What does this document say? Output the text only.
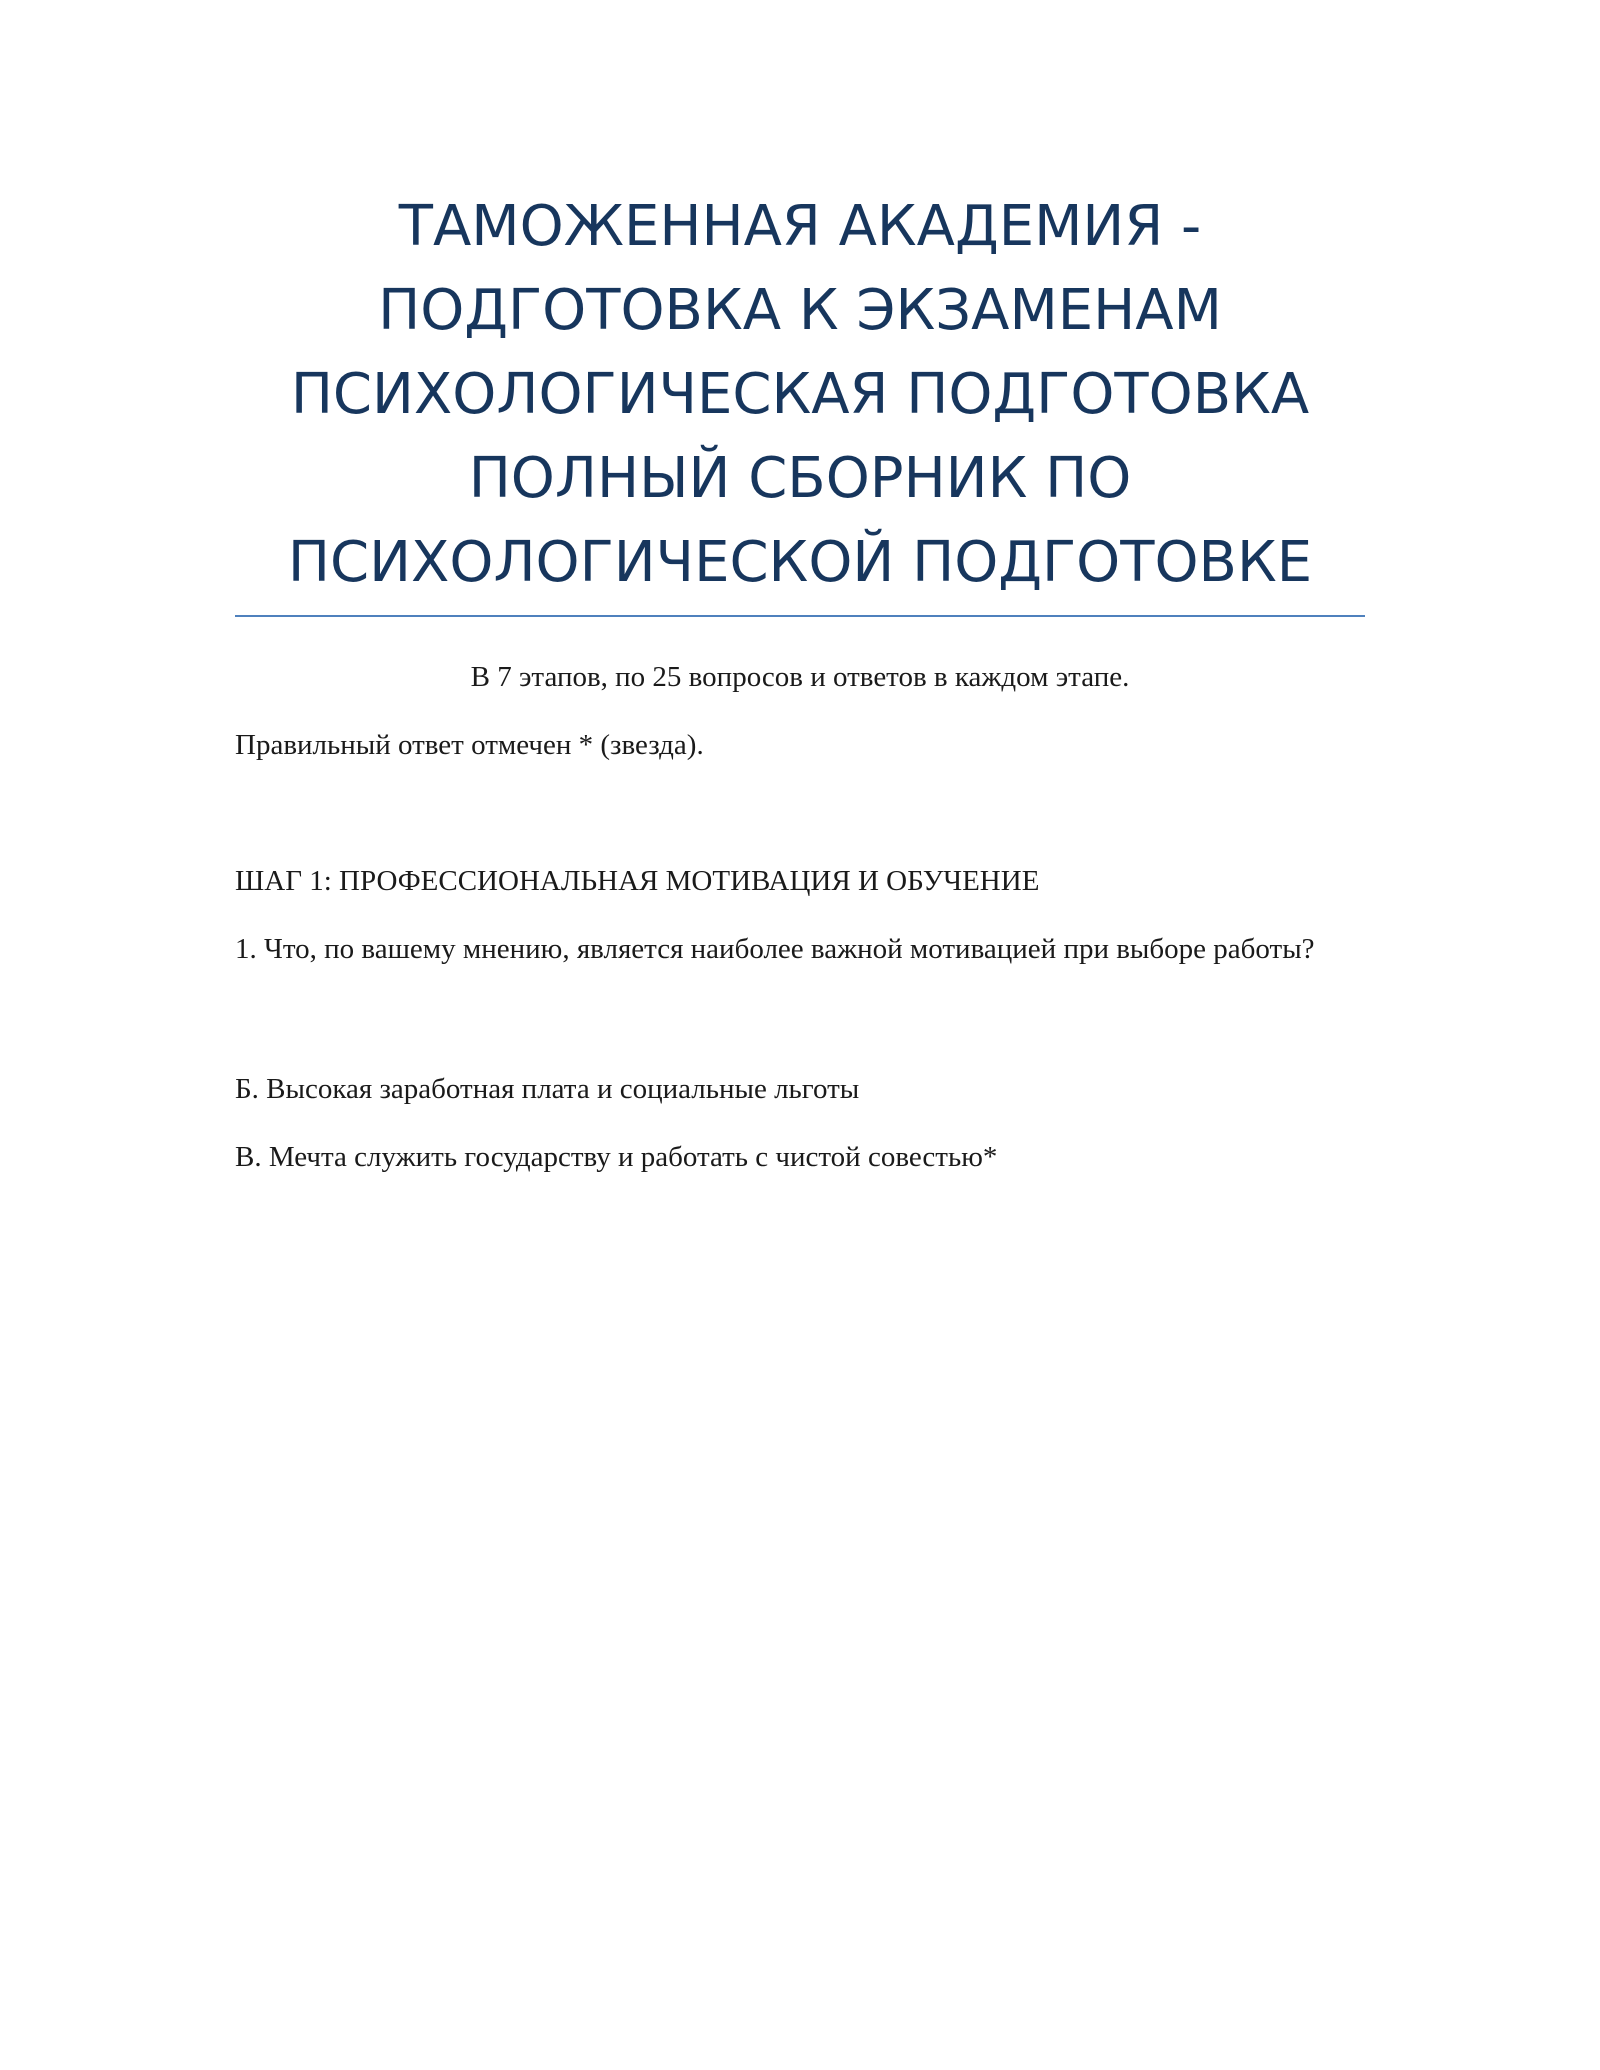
ТАМОЖЕННАЯ АКАДЕМИЯ -
ПОДГОТОВКА К ЭКЗАМЕНАМ
ПСИХОЛОГИЧЕСКАЯ ПОДГОТОВКА
ПОЛНЫЙ СБОРНИК ПО
ПСИХОЛОГИЧЕСКОЙ ПОДГОТОВКЕ

В 7 этапов, по 25 вопросов и ответов в каждом этапе.

Правильный ответ отмечен * (звезда).

ШАГ 1: ПРОФЕССИОНАЛЬНАЯ МОТИВАЦИЯ И ОБУЧЕНИЕ

1. Что, по вашему мнению, является наиболее важной мотивацией при выборе работы?

Б. Высокая заработная плата и социальные льготы

В. Мечта служить государству и работать с чистой совестью*
